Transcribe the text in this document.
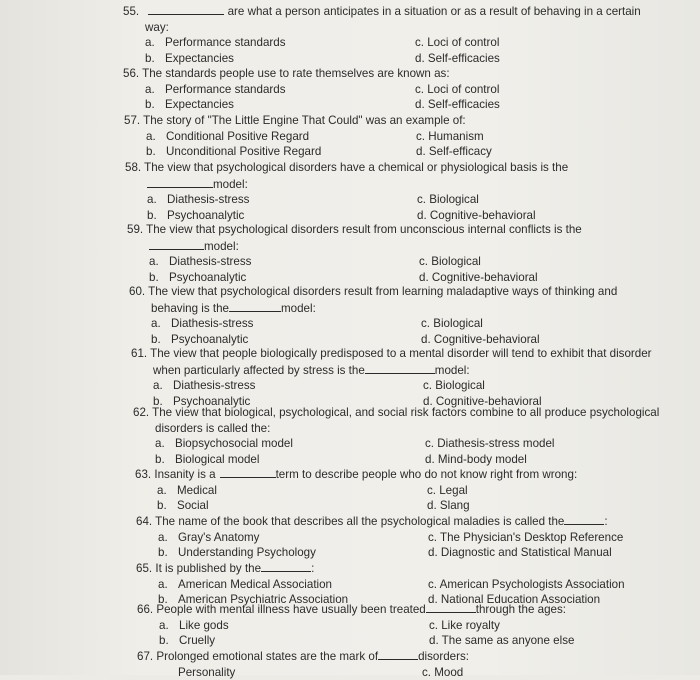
55.	are what a person anticipates in a situation or as a result of behaving in a certain
way:
a. Performance standards	c. Loci of control
b. Expectancies	d. Self-efficacies
56. The standards people use to rate themselves are known as:
a. Performance standards	c. Loci of control
b. Expectancies	d. Self-efficacies
57. The story of "The Little Engine That Could" was an example of:
a. Conditional Positive Regard	c. Humanism
b. Unconditional Positive Regard	d. Self-efficacy
58. The view that psychological disorders have a chemical or physiological basis is the
model:
a. Diathesis-stress	c. Biological
b. Psychoanalytic	d. Cognitive-behavioral
59. The view that psychological disorders result from unconscious internal conflicts is the
model:
a. Diathesis-stress	c. Biological
b. Psychoanalytic	d. Cognitive-behavioral
60. The view that psychological disorders result from learning maladaptive ways of thinking and
behaving is the	model:
a. Diathesis-stress	c. Biological
b. Psychoanalytic	d. Cognitive-behavioral
61. The view that people biologically predisposed to a mental disorder will tend to exhibit that disorder
when particularly affected by stress is the	model:
a. Diathesis-stress	c. Biological
b. Psychoanalytic	d. Cognitive-behavioral
62. The view that biological, psychological, and social risk factors combine to all produce psychological
disorders is called the:
a. Biopsychosocial model	c. Diathesis-stress model
b. Biological model	d. Mind-body model
63. Insanity is a	term to describe people who do not know right from wrong:
a. Medical	c. Legal
b. Social	d. Slang
64. The name of the book that describes all the psychological maladies is called the	:
a. Gray's Anatomy	c. The Physician's Desktop Reference
b. Understanding Psychology	d. Diagnostic and Statistical Manual
65. It is published by the	:
a. American Medical Association	c. American Psychologists Association
b. American Psychiatric Association	d. National Education Association
66. People with mental illness have usually been treated	through the ages:
a. Like gods	c. Like royalty
b. Cruelly	d. The same as anyone else
67. Prolonged emotional states are the mark of	disorders:
Personality	c. Mood
